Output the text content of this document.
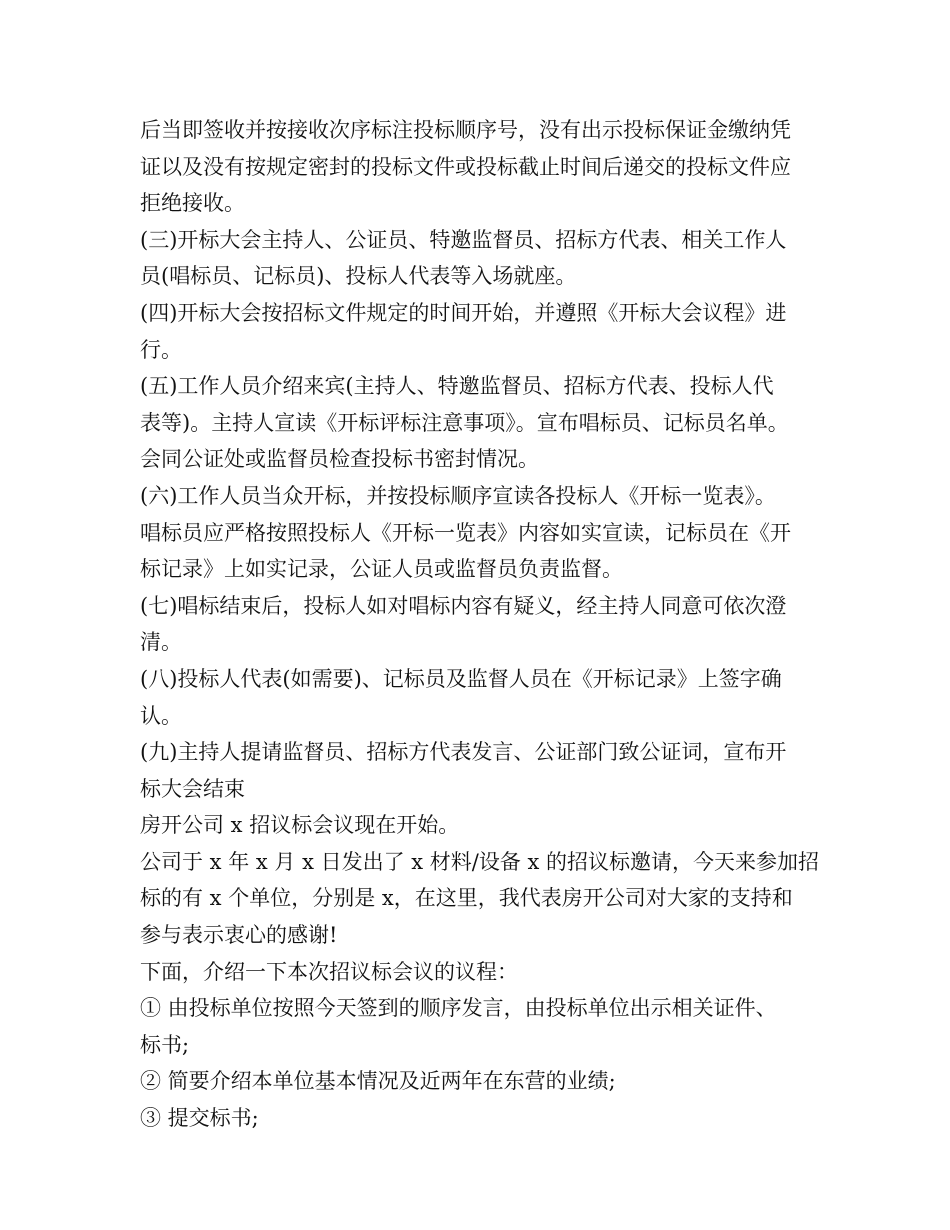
后当即签收并按接收次序标注投标顺序号，没有出示投标保证金缴纳凭

证以及没有按规定密封的投标文件或投标截止时间后递交的投标文件应

拒绝接收。

(三)开标大会主持人、公证员、特邀监督员、招标方代表、相关工作人

员(唱标员、记标员)、投标人代表等入场就座。

(四)开标大会按招标文件规定的时间开始，并遵照《开标大会议程》进

行。

(五)工作人员介绍来宾(主持人、特邀监督员、招标方代表、投标人代

表等)。主持人宣读《开标评标注意事项》。宣布唱标员、记标员名单。

会同公证处或监督员检查投标书密封情况。

(六)工作人员当众开标，并按投标顺序宣读各投标人《开标一览表》。

唱标员应严格按照投标人《开标一览表》内容如实宣读，记标员在《开

标记录》上如实记录，公证人员或监督员负责监督。

(七)唱标结束后，投标人如对唱标内容有疑义，经主持人同意可依次澄

清。

(八)投标人代表(如需要)、记标员及监督人员在《开标记录》上签字确

认。

(九)主持人提请监督员、招标方代表发言、公证部门致公证词，宣布开

标大会结束

房开公司 x 招议标会议现在开始。

公司于 x 年 x 月 x 日发出了 x 材料/设备 x 的招议标邀请，今天来参加招

标的有 x 个单位，分别是 x，在这里，我代表房开公司对大家的支持和

参与表示衷心的感谢!

下面，介绍一下本次招议标会议的议程：

① 由投标单位按照今天签到的顺序发言，由投标单位出示相关证件、

标书;

② 简要介绍本单位基本情况及近两年在东营的业绩;

③ 提交标书;
